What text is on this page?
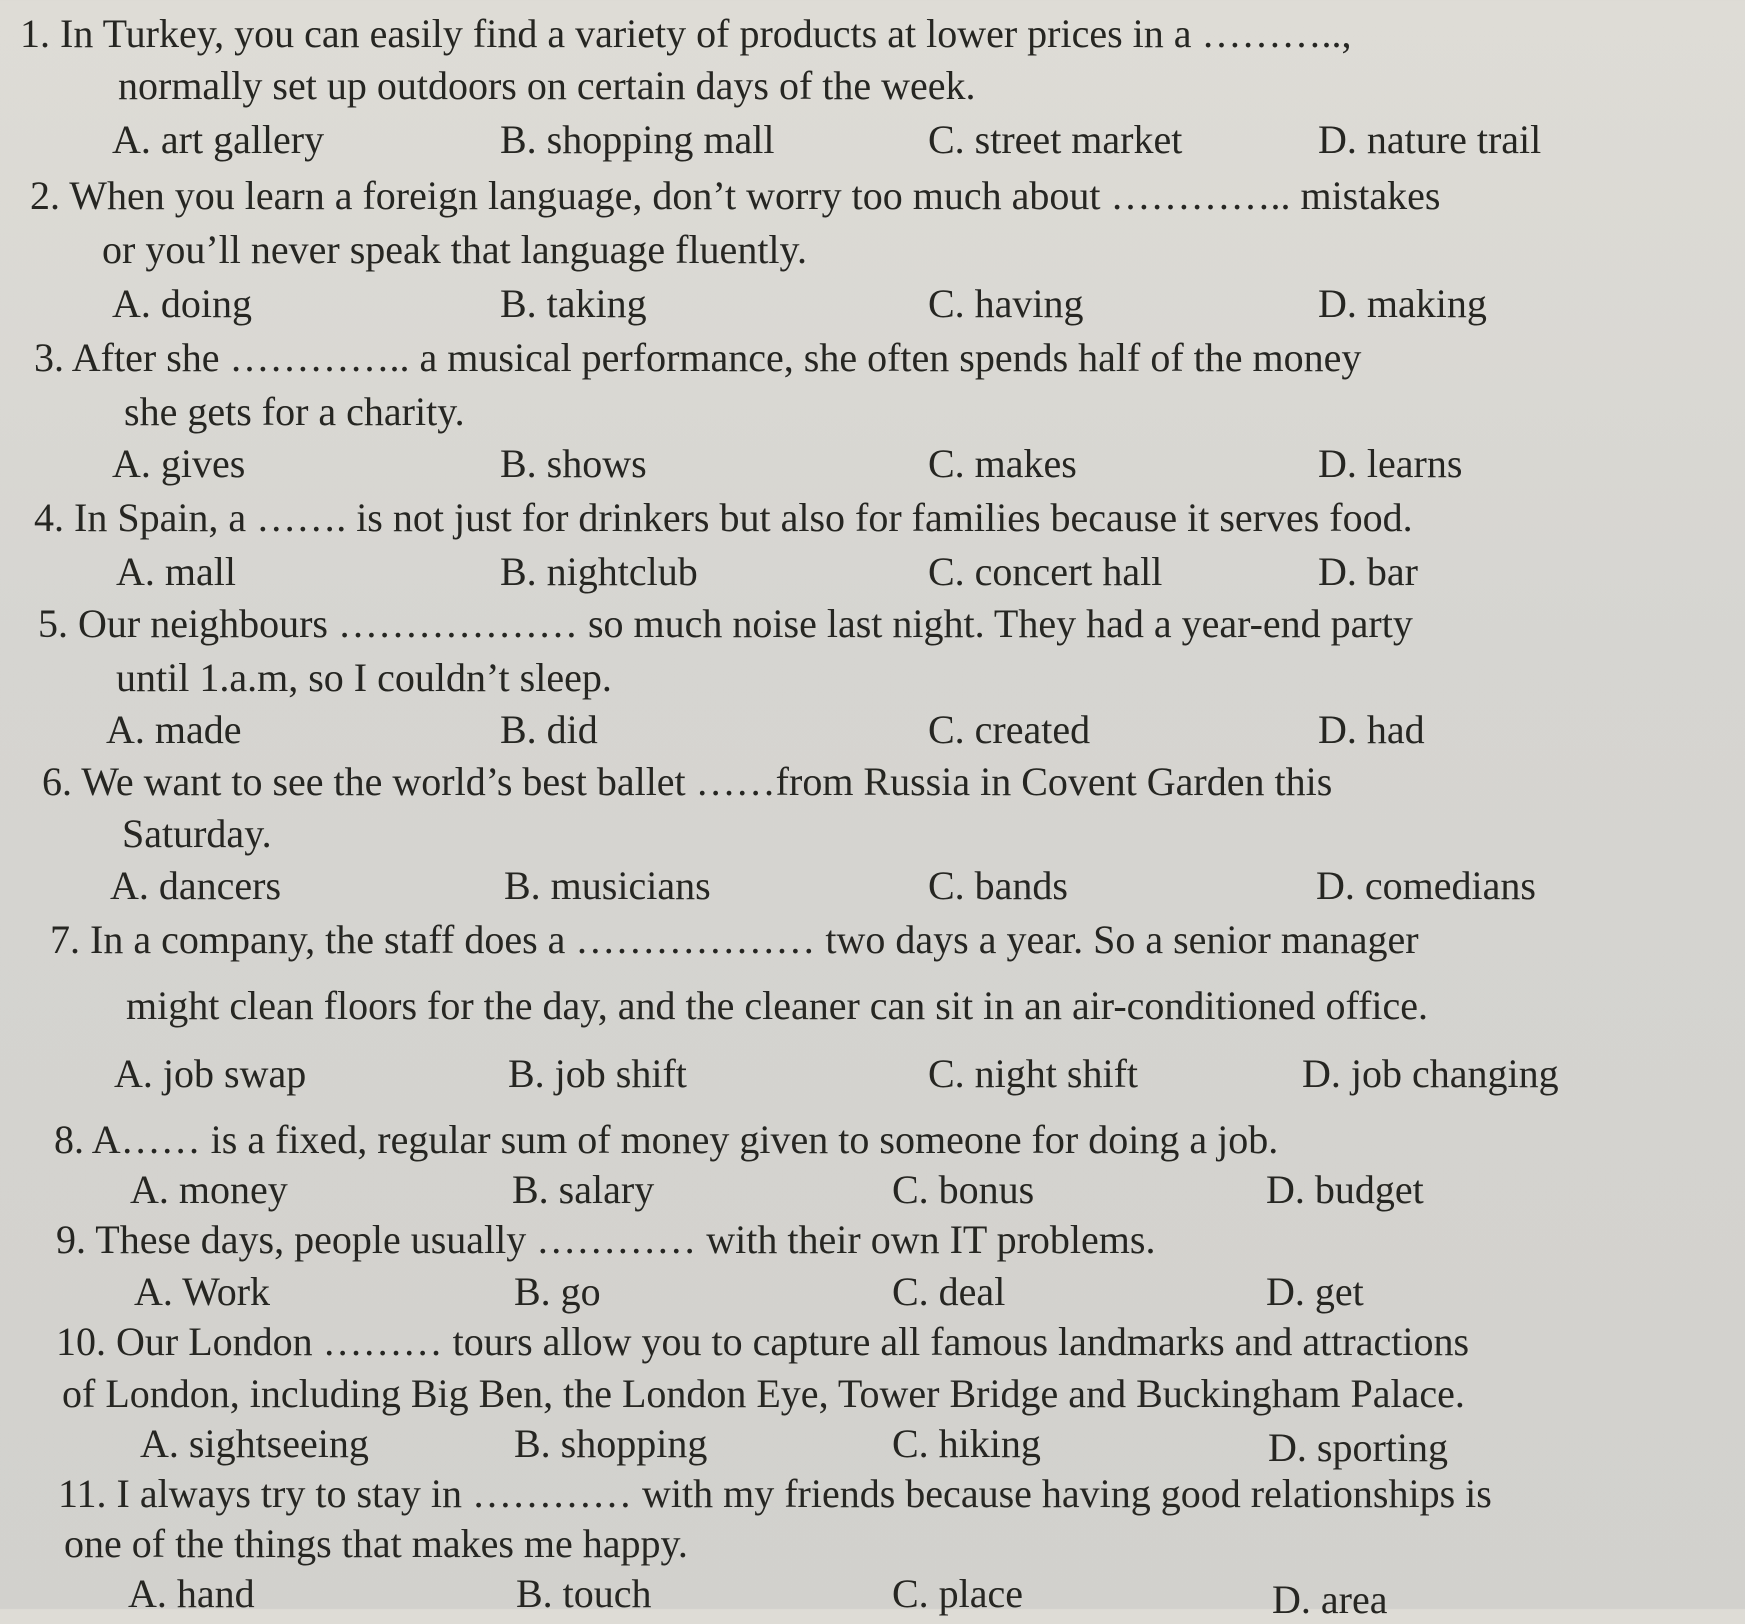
1. In Turkey, you can easily find a variety of products at lower prices in a ………..,
normally set up outdoors on certain days of the week.
A. art gallery	B. shopping mall	C. street market	D. nature trail
2. When you learn a foreign language, don’t worry too much about ………….. mistakes
or you’ll never speak that language fluently.
A. doing	B. taking	C. having	D. making
3. After she ………….. a musical performance, she often spends half of the money
she gets for a charity.
A. gives	B. shows	C. makes	D. learns
4. In Spain, a ……. is not just for drinkers but also for families because it serves food.
A. mall	B. nightclub	C. concert hall	D. bar
5. Our neighbours ……………… so much noise last night. They had a year-end party
until 1.a.m, so I couldn’t sleep.
A. made	B. did	C. created	D. had
6. We want to see the world’s best ballet ……from Russia in Covent Garden this
Saturday.
A. dancers	B. musicians	C. bands	D. comedians
7. In a company, the staff does a ……………… two days a year. So a senior manager
might clean floors for the day, and the cleaner can sit in an air-conditioned office.
A. job swap	B. job shift	C. night shift	D. job changing
8. A…… is a fixed, regular sum of money given to someone for doing a job.
A. money	B. salary	C. bonus	D. budget
9. These days, people usually ………… with their own IT problems.
A. Work	B. go	C. deal	D. get
10. Our London ……… tours allow you to capture all famous landmarks and attractions
of London, including Big Ben, the London Eye, Tower Bridge and Buckingham Palace.
A. sightseeing	B. shopping	C. hiking	D. sporting
11. I always try to stay in ………… with my friends because having good relationships is
one of the things that makes me happy.
A. hand	B. touch	C. place	D. area
